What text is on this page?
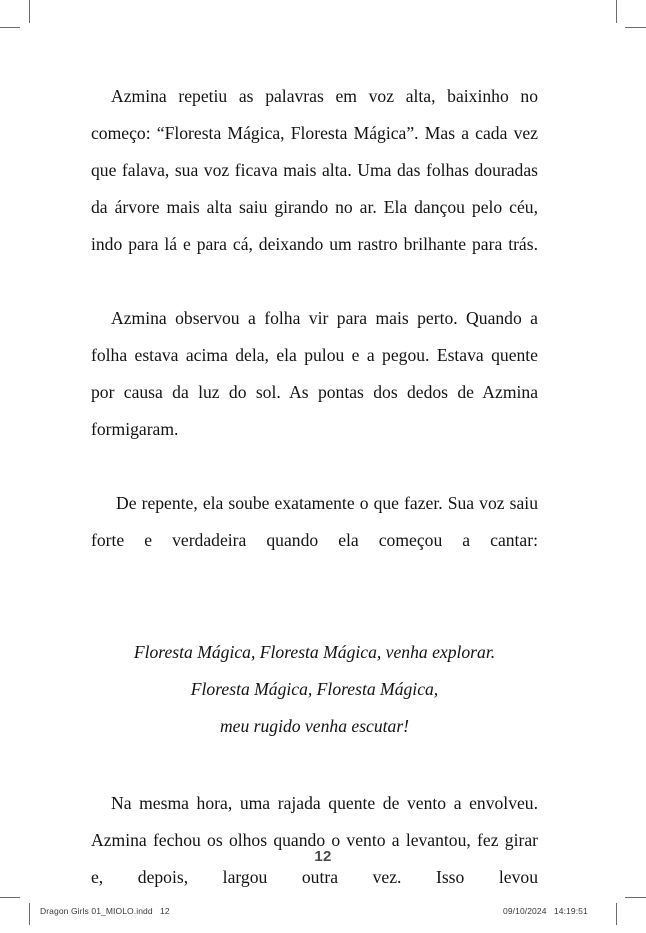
Azmina repetiu as palavras em voz alta, baixinho no começo: “Floresta Mágica, Floresta Mágica”. Mas a cada vez que falava, sua voz ficava mais alta. Uma das folhas douradas da árvore mais alta saiu girando no ar. Ela dançou pelo céu, indo para lá e para cá, deixando um rastro brilhante para trás.

Azmina observou a folha vir para mais perto. Quando a folha estava acima dela, ela pulou e a pegou. Estava quente por causa da luz do sol. As pontas dos dedos de Azmina formigaram.

De repente, ela soube exatamente o que fazer. Sua voz saiu forte e verdadeira quando ela começou a cantar:

Floresta Mágica, Floresta Mágica, venha explorar.

Floresta Mágica, Floresta Mágica,

meu rugido venha escutar!

Na mesma hora, uma rajada quente de vento a envolveu. Azmina fechou os olhos quando o vento a levantou, fez girar e, depois, largou outra vez. Isso levou

12
Dragon Girls 01_MIOLO.indd   12	09/10/2024   14:19:51
